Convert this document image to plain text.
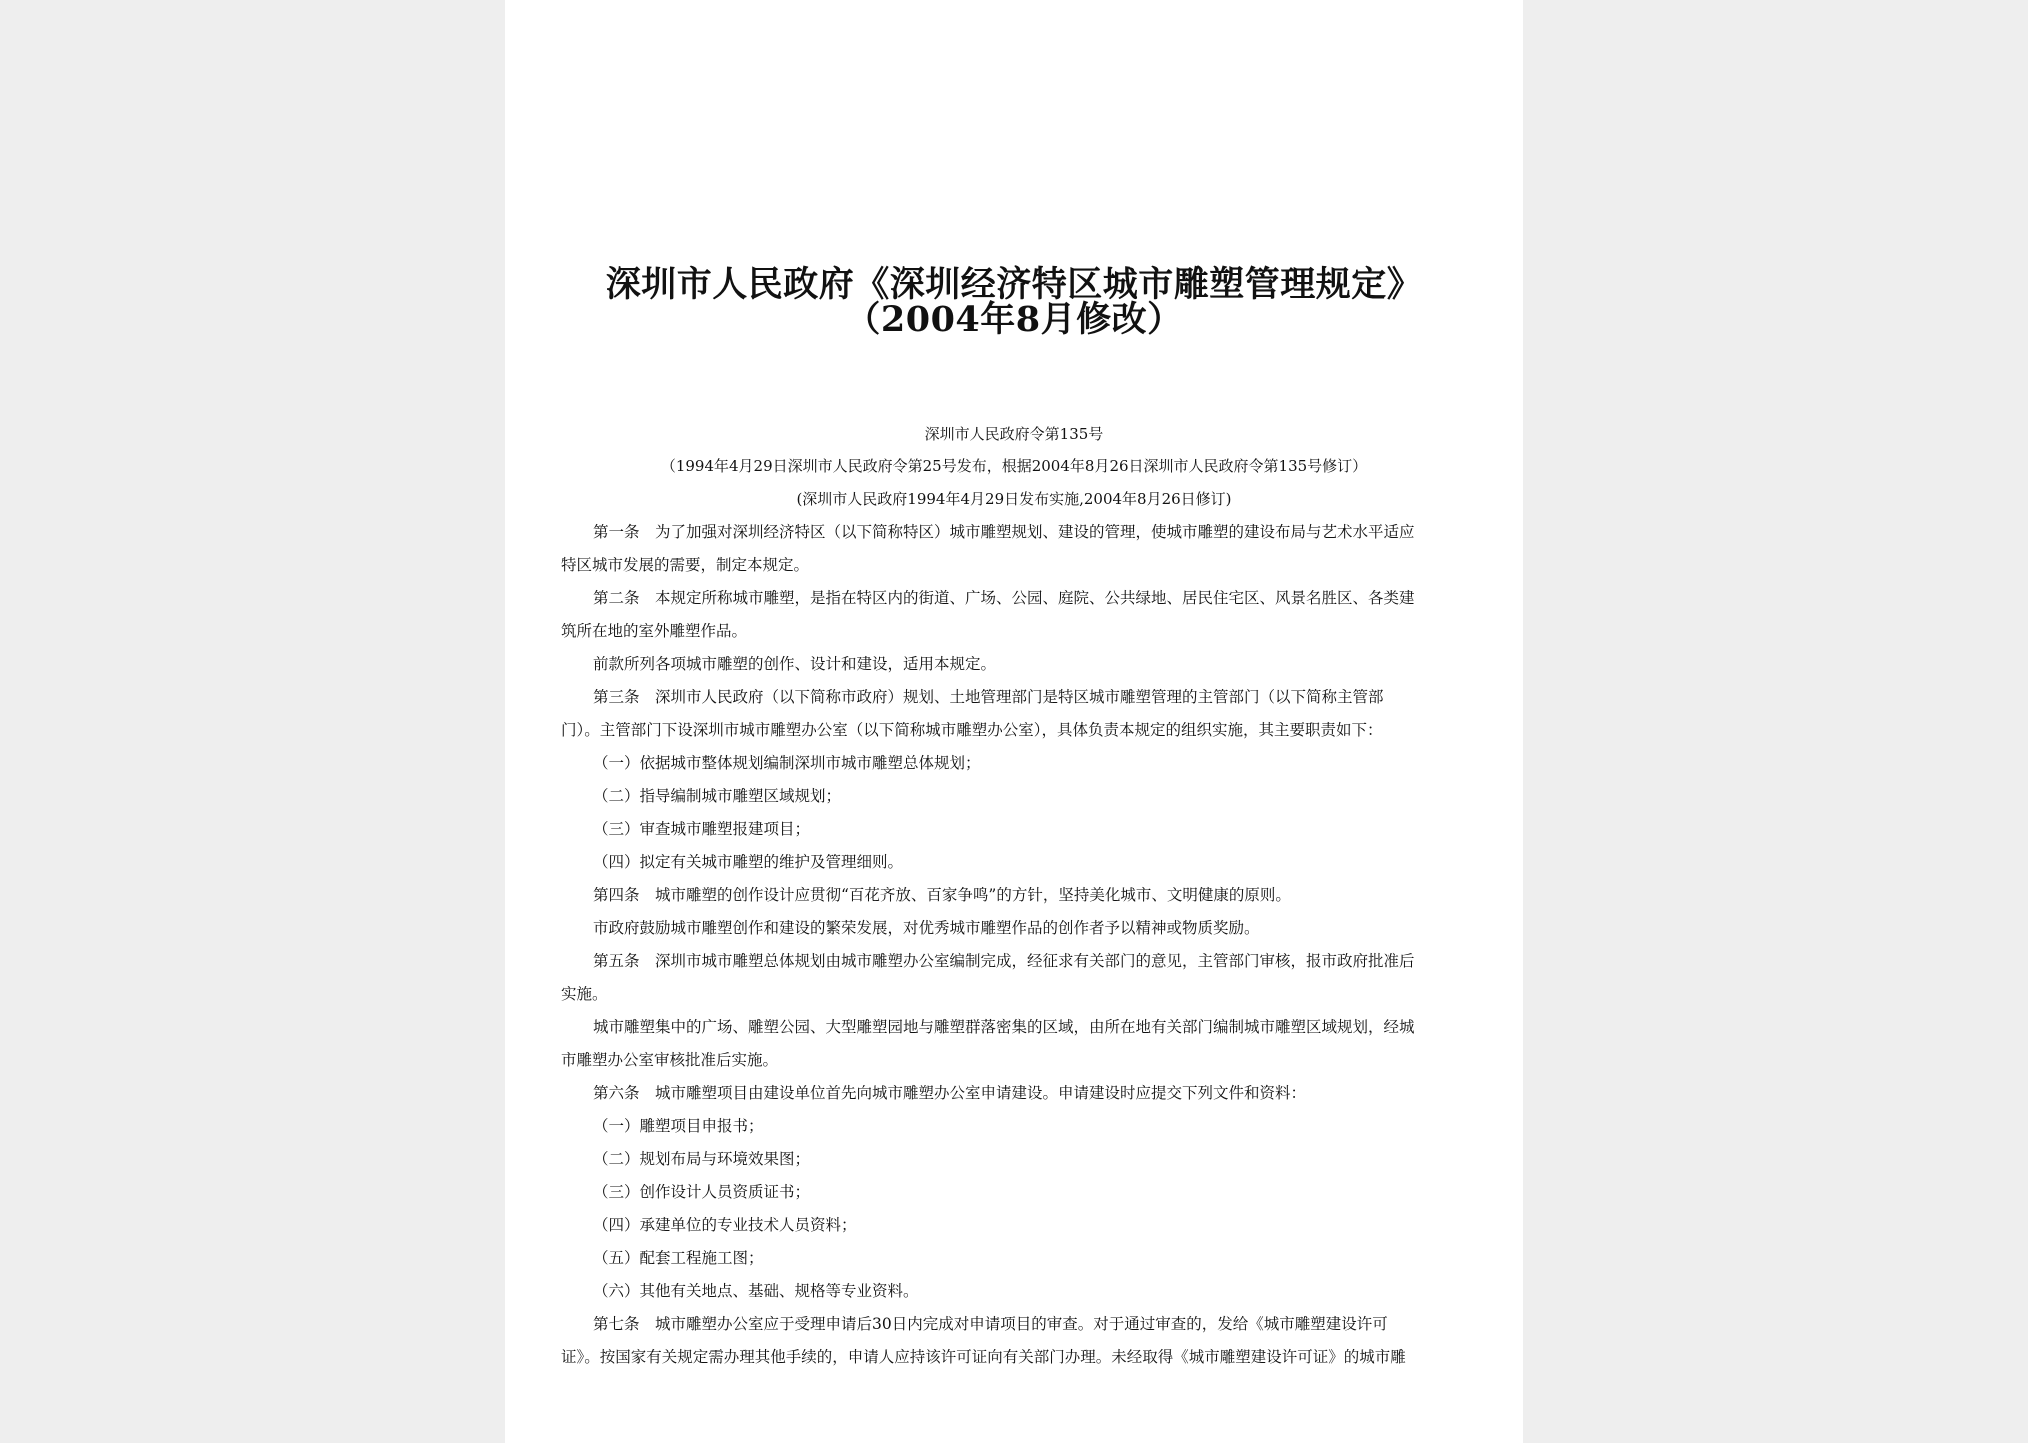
深圳市人民政府《深圳经济特区城市雕塑管理规定》
（2004年8月修改）
深圳市人民政府令第135号
（1994年4月29日深圳市人民政府令第25号发布，根据2004年8月26日深圳市人民政府令第135号修订）
(深圳市人民政府1994年4月29日发布实施,2004年8月26日修订)
第一条　为了加强对深圳经济特区（以下简称特区）城市雕塑规划、建设的管理，使城市雕塑的建设布局与艺术水平适应
特区城市发展的需要，制定本规定。
第二条　本规定所称城市雕塑，是指在特区内的街道、广场、公园、庭院、公共绿地、居民住宅区、风景名胜区、各类建
筑所在地的室外雕塑作品。
前款所列各项城市雕塑的创作、设计和建设，适用本规定。
第三条　深圳市人民政府（以下简称市政府）规划、土地管理部门是特区城市雕塑管理的主管部门（以下简称主管部
门）。主管部门下设深圳市城市雕塑办公室（以下简称城市雕塑办公室），具体负责本规定的组织实施，其主要职责如下：
（一）依据城市整体规划编制深圳市城市雕塑总体规划；
（二）指导编制城市雕塑区域规划；
（三）审查城市雕塑报建项目；
（四）拟定有关城市雕塑的维护及管理细则。
第四条　城市雕塑的创作设计应贯彻“百花齐放、百家争鸣”的方针，坚持美化城市、文明健康的原则。
市政府鼓励城市雕塑创作和建设的繁荣发展，对优秀城市雕塑作品的创作者予以精神或物质奖励。
第五条　深圳市城市雕塑总体规划由城市雕塑办公室编制完成，经征求有关部门的意见，主管部门审核，报市政府批准后
实施。
城市雕塑集中的广场、雕塑公园、大型雕塑园地与雕塑群落密集的区域，由所在地有关部门编制城市雕塑区域规划，经城
市雕塑办公室审核批准后实施。
第六条　城市雕塑项目由建设单位首先向城市雕塑办公室申请建设。申请建设时应提交下列文件和资料：
（一）雕塑项目申报书；
（二）规划布局与环境效果图；
（三）创作设计人员资质证书；
（四）承建单位的专业技术人员资料；
（五）配套工程施工图；
（六）其他有关地点、基础、规格等专业资料。
第七条　城市雕塑办公室应于受理申请后30日内完成对申请项目的审查。对于通过审查的，发给《城市雕塑建设许可
证》。按国家有关规定需办理其他手续的，申请人应持该许可证向有关部门办理。未经取得《城市雕塑建设许可证》的城市雕
